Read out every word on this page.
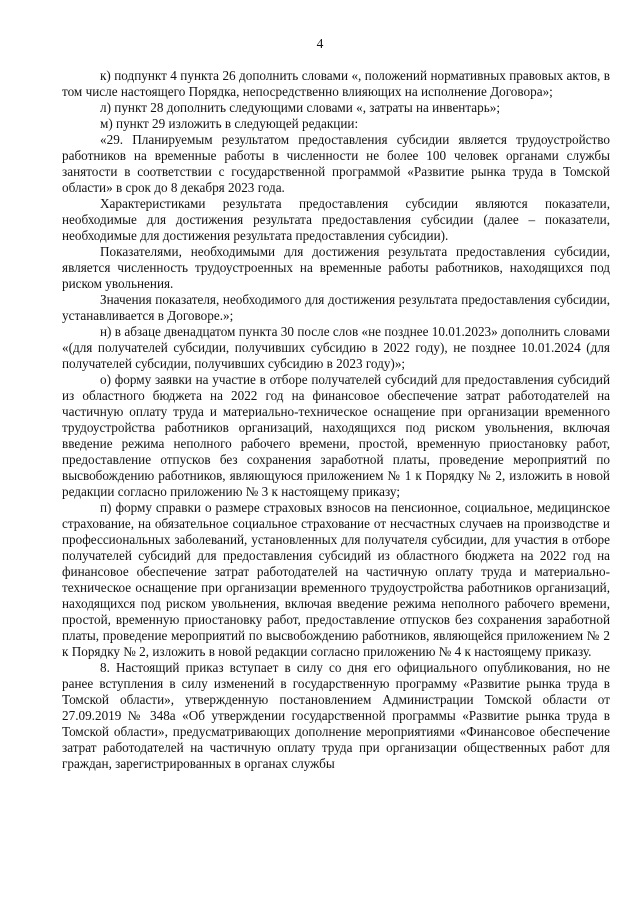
4

к) подпункт 4 пункта 26 дополнить словами «, положений нормативных правовых актов, в том числе настоящего Порядка, непосредственно влияющих на исполнение Договора»;

л) пункт 28 дополнить следующими словами «, затраты на инвентарь»;

м) пункт 29 изложить в следующей редакции:

«29. Планируемым результатом предоставления субсидии является трудоустройство работников на временные работы в численности не более 100 человек органами службы занятости в соответствии с государственной программой «Развитие рынка труда в Томской области» в срок до 8 декабря 2023 года.

Характеристиками результата предоставления субсидии являются показатели, необходимые для достижения результата предоставления субсидии (далее – показатели, необходимые для достижения результата предоставления субсидии).

Показателями, необходимыми для достижения результата предоставления субсидии, является численность трудоустроенных на временные работы работников, находящихся под риском увольнения.

Значения показателя, необходимого для достижения результата предоставления субсидии, устанавливается в Договоре.»;

н) в абзаце двенадцатом пункта 30 после слов «не позднее 10.01.2023» дополнить словами «(для получателей субсидии, получивших субсидию в 2022 году), не позднее 10.01.2024 (для получателей субсидии, получивших субсидию в 2023 году)»;

о) форму заявки на участие в отборе получателей субсидий для предоставления субсидий из областного бюджета на 2022 год на финансовое обеспечение затрат работодателей на частичную оплату труда и материально-техническое оснащение при организации временного трудоустройства работников организаций, находящихся под риском увольнения, включая введение режима неполного рабочего времени, простой, временную приостановку работ, предоставление отпусков без сохранения заработной платы, проведение мероприятий по высвобождению работников, являющуюся приложением № 1 к Порядку № 2, изложить в новой редакции согласно приложению № 3 к настоящему приказу;

п) форму справки о размере страховых взносов на пенсионное, социальное, медицинское страхование, на обязательное социальное страхование от несчастных случаев на производстве и профессиональных заболеваний, установленных для получателя субсидии, для участия в отборе получателей субсидий для предоставления субсидий из областного бюджета на 2022 год на финансовое обеспечение затрат работодателей на частичную оплату труда и материально-техническое оснащение при организации временного трудоустройства работников организаций, находящихся под риском увольнения, включая введение режима неполного рабочего времени, простой, временную приостановку работ, предоставление отпусков без сохранения заработной платы, проведение мероприятий по высвобождению работников, являющейся приложением № 2 к Порядку № 2, изложить в новой редакции согласно приложению № 4 к настоящему приказу.

8. Настоящий приказ вступает в силу со дня его официального опубликования, но не ранее вступления в силу изменений в государственную программу «Развитие рынка труда в Томской области», утвержденную постановлением Администрации Томской области от 27.09.2019 № 348а «Об утверждении государственной программы «Развитие рынка труда в Томской области», предусматривающих дополнение мероприятиями «Финансовое обеспечение затрат работодателей на частичную оплату труда при организации общественных работ для граждан, зарегистрированных в органах службы
